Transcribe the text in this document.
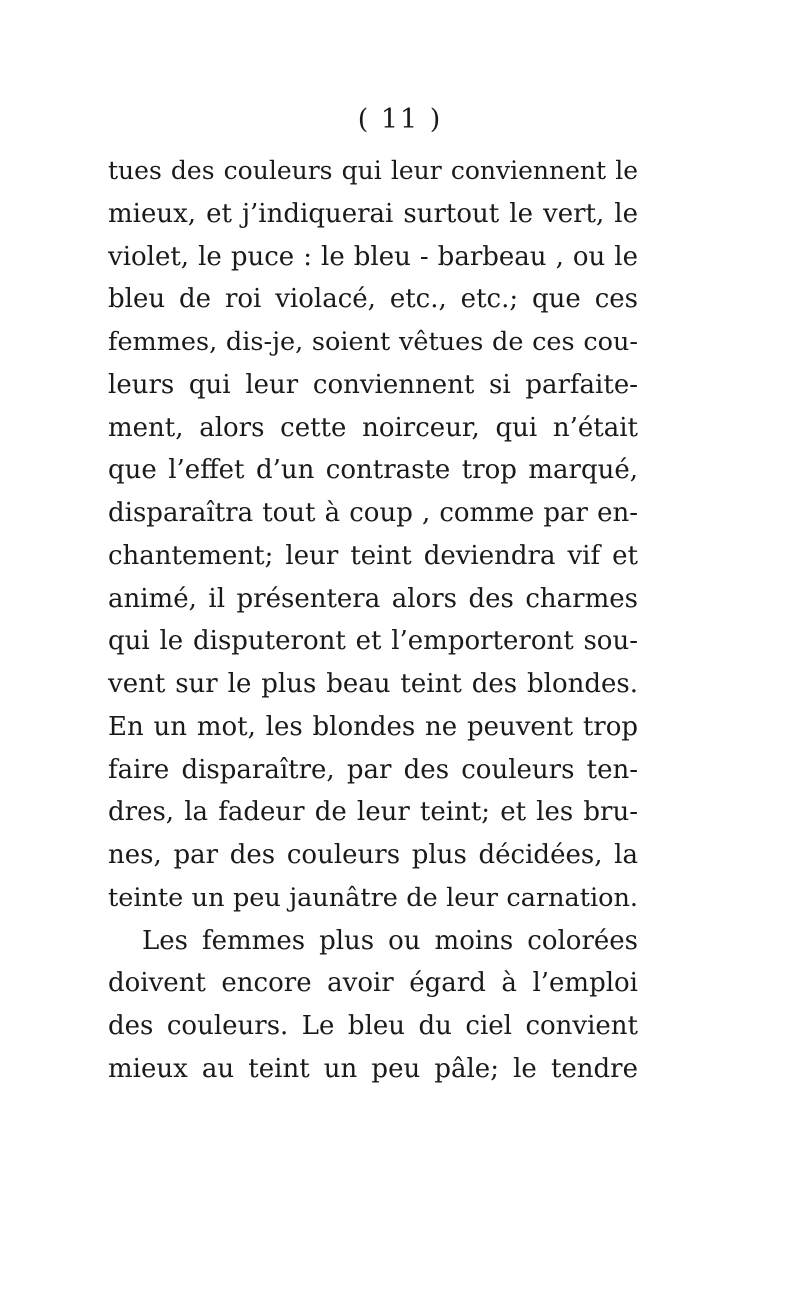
( 11 )
tues des couleurs qui leur conviennent le
mieux, et j’indiquerai surtout le vert, le
violet, le puce : le bleu - barbeau , ou le
bleu de roi violacé, etc., etc.; que ces
femmes, dis-je, soient vêtues de ces cou-
leurs qui leur conviennent si parfaite-
ment, alors cette noirceur, qui n’était
que l’effet d’un contraste trop marqué,
disparaîtra tout à coup , comme par en-
chantement; leur teint deviendra vif et
animé, il présentera alors des charmes
qui le disputeront et l’emporteront sou-
vent sur le plus beau teint des blondes.
En un mot, les blondes ne peuvent trop
faire disparaître, par des couleurs ten-
dres, la fadeur de leur teint; et les bru-
nes, par des couleurs plus décidées, la
teinte un peu jaunâtre de leur carnation.
Les femmes plus ou moins colorées
doivent encore avoir égard à l’emploi
des couleurs. Le bleu du ciel convient
mieux au teint un peu pâle; le tendre
